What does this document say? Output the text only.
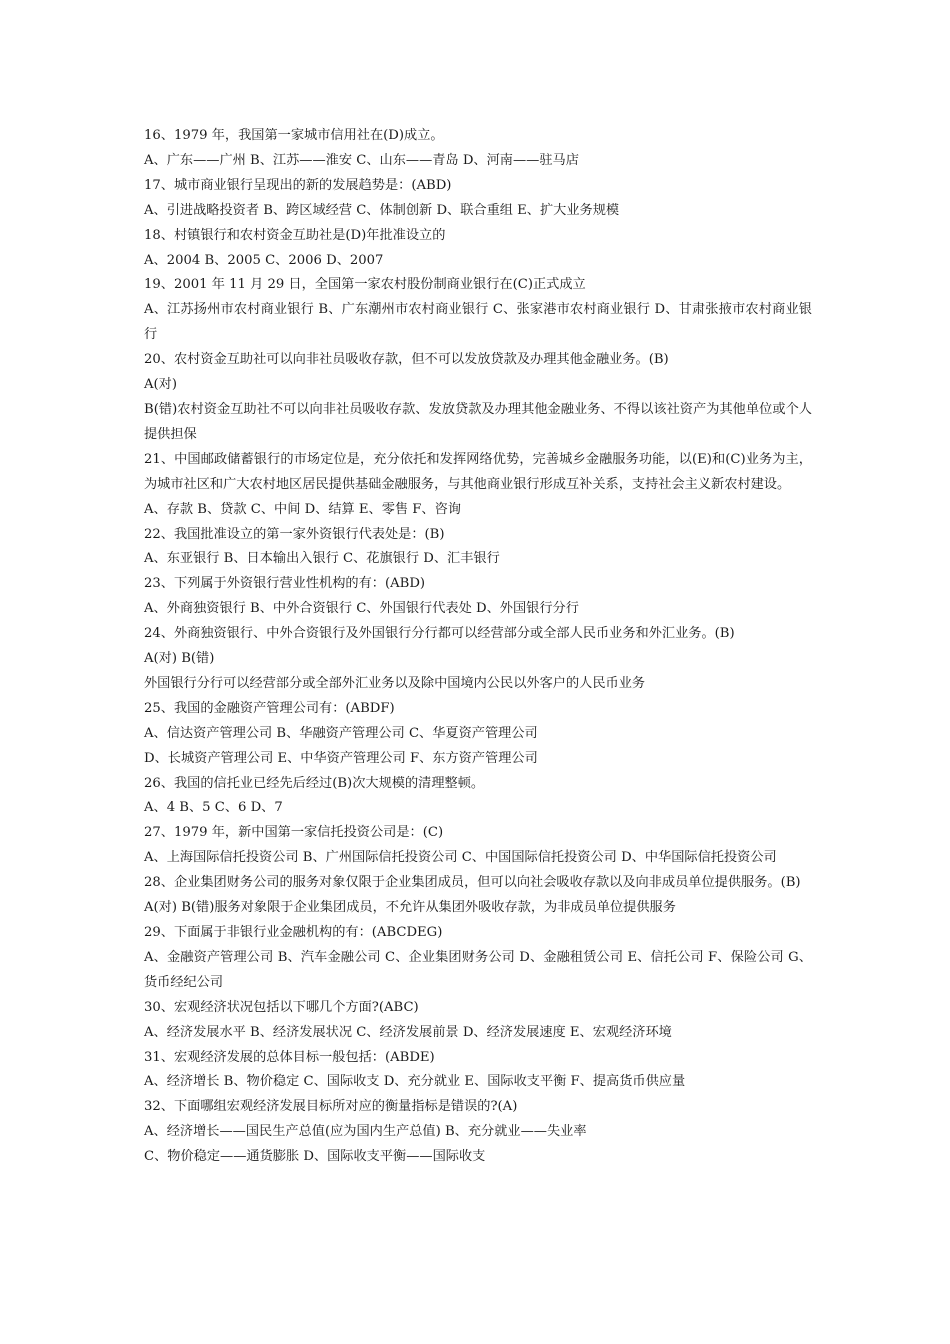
16、1979 年，我国第一家城市信用社在(D)成立。

A、广东——广州 B、江苏——淮安 C、山东——青岛 D、河南——驻马店

17、城市商业银行呈现出的新的发展趋势是：(ABD)

A、引进战略投资者 B、跨区域经营 C、体制创新 D、联合重组 E、扩大业务规模

18、村镇银行和农村资金互助社是(D)年批准设立的

A、2004 B、2005 C、2006 D、2007

19、2001 年 11 月 29 日，全国第一家农村股份制商业银行在(C)正式成立

A、江苏扬州市农村商业银行 B、广东潮州市农村商业银行 C、张家港市农村商业银行 D、甘肃张掖市农村商业银行

20、农村资金互助社可以向非社员吸收存款，但不可以发放贷款及办理其他金融业务。(B)

A(对)

B(错)农村资金互助社不可以向非社员吸收存款、发放贷款及办理其他金融业务、不得以该社资产为其他单位或个人提供担保

21、中国邮政储蓄银行的市场定位是，充分依托和发挥网络优势，完善城乡金融服务功能，以(E)和(C)业务为主，为城市社区和广大农村地区居民提供基础金融服务，与其他商业银行形成互补关系，支持社会主义新农村建设。

A、存款 B、贷款 C、中间 D、结算 E、零售 F、咨询

22、我国批准设立的第一家外资银行代表处是：(B)

A、东亚银行 B、日本输出入银行 C、花旗银行 D、汇丰银行

23、下列属于外资银行营业性机构的有：(ABD)

A、外商独资银行 B、中外合资银行 C、外国银行代表处 D、外国银行分行

24、外商独资银行、中外合资银行及外国银行分行都可以经营部分或全部人民币业务和外汇业务。(B)

A(对) B(错)

外国银行分行可以经营部分或全部外汇业务以及除中国境内公民以外客户的人民币业务

25、我国的金融资产管理公司有：(ABDF)

A、信达资产管理公司 B、华融资产管理公司 C、华夏资产管理公司

D、长城资产管理公司 E、中华资产管理公司 F、东方资产管理公司

26、我国的信托业已经先后经过(B)次大规模的清理整顿。

A、4 B、5 C、6 D、7

27、1979 年，新中国第一家信托投资公司是：(C)

A、上海国际信托投资公司 B、广州国际信托投资公司 C、中国国际信托投资公司 D、中华国际信托投资公司

28、企业集团财务公司的服务对象仅限于企业集团成员，但可以向社会吸收存款以及向非成员单位提供服务。(B)

A(对) B(错)服务对象限于企业集团成员，不允许从集团外吸收存款，为非成员单位提供服务

29、下面属于非银行业金融机构的有：(ABCDEG)

A、金融资产管理公司 B、汽车金融公司 C、企业集团财务公司 D、金融租赁公司 E、信托公司 F、保险公司 G、货币经纪公司

30、宏观经济状况包括以下哪几个方面?(ABC)

A、经济发展水平 B、经济发展状况 C、经济发展前景 D、经济发展速度 E、宏观经济环境

31、宏观经济发展的总体目标一般包括：(ABDE)

A、经济增长 B、物价稳定 C、国际收支 D、充分就业 E、国际收支平衡 F、提高货币供应量

32、下面哪组宏观经济发展目标所对应的衡量指标是错误的?(A)

A、经济增长——国民生产总值(应为国内生产总值) B、充分就业——失业率

C、物价稳定——通货膨胀 D、国际收支平衡——国际收支
